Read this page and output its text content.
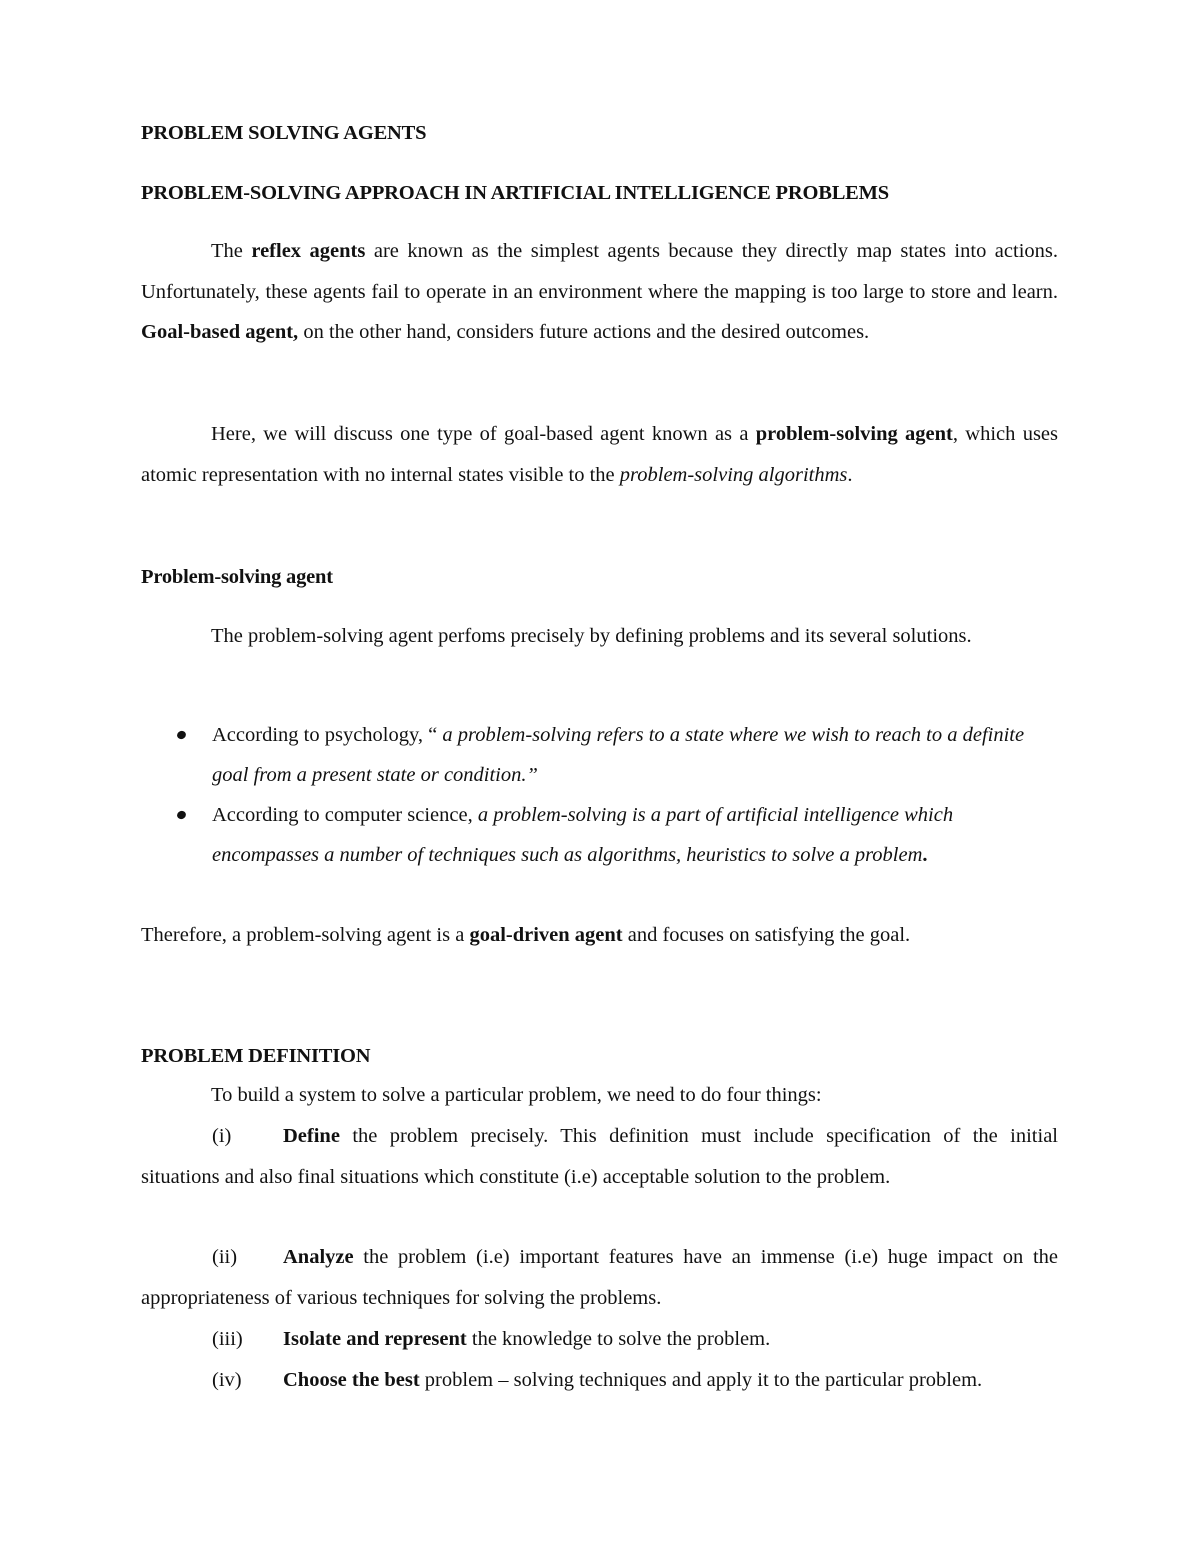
PROBLEM SOLVING AGENTS
PROBLEM-SOLVING APPROACH IN ARTIFICIAL INTELLIGENCE PROBLEMS

The reflex agents are known as the simplest agents because they directly map states into actions. Unfortunately, these agents fail to operate in an environment where the mapping is too large to store and learn. Goal-based agent, on the other hand, considers future actions and the desired outcomes.

Here, we will discuss one type of goal-based agent known as a problem-solving agent, which uses atomic representation with no internal states visible to the problem-solving algorithms.

Problem-solving agent

The problem-solving agent perfoms precisely by defining problems and its several solutions.

According to psychology, “ a problem-solving refers to a state where we wish to reach to a definite goal from a present state or condition.”

According to computer science, a problem-solving is a part of artificial intelligence which encompasses a number of techniques such as algorithms, heuristics to solve a problem.

Therefore, a problem-solving agent is a goal-driven agent and focuses on satisfying the goal.

PROBLEM DEFINITION

To build a system to solve a particular problem, we need to do four things:

(i)	Define the problem precisely. This definition must include specification of the initial situations and also final situations which constitute (i.e) acceptable solution to the problem.

(ii) Analyze the problem (i.e) important features have an immense (i.e) huge impact on the appropriateness of various techniques for solving the problems.

(iii) Isolate and represent the knowledge to solve the problem.

(iv) Choose the best problem – solving techniques and apply it to the particular problem.
